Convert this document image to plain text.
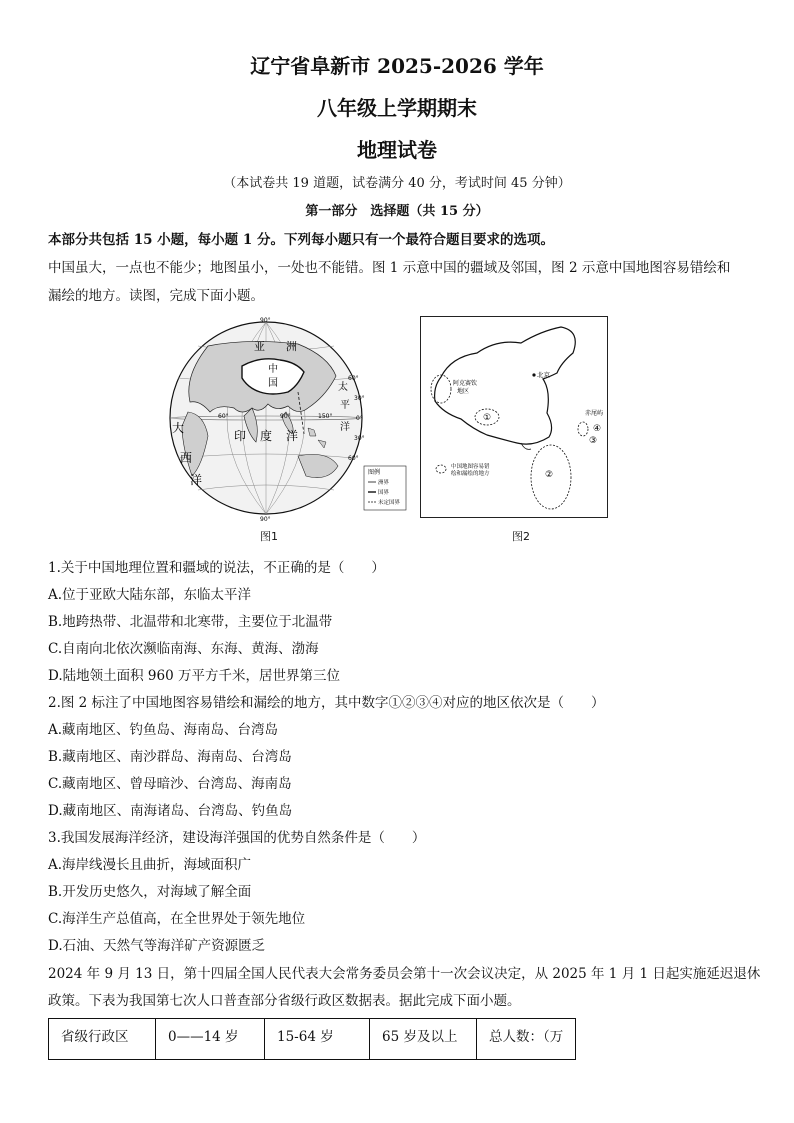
辽宁省阜新市 2025-2026 学年
八年级上学期期末
地理试卷
（本试卷共 19 道题，试卷满分 40 分，考试时间 45 分钟）
第一部分　选择题（共 15 分）
本部分共包括 15 小题，每小题 1 分。下列每小题只有一个最符合题目要求的选项。
中国虽大，一点也不能少；地图虽小，一处也不能错。图 1 示意中国的疆域及邻国，图 2 示意中国地图容易错绘和
漏绘的地方。读图，完成下面小题。
90°
90°
60°
30°
0°
30°
60°
60°	90°	150°
亚 洲
中
国
平
太
洋
印 度 洋
大
西
洋
图例
洲界
国界
未定国界
图1
北京
阿克赛钦
地区
①
②
③
④
赤尾屿
中国地图容易错
绘和漏绘的地方
图2
1.关于中国地理位置和疆域的说法，不正确的是（　　）
A.位于亚欧大陆东部，东临太平洋
B.地跨热带、北温带和北寒带，主要位于北温带
C.自南向北依次濒临南海、东海、黄海、渤海
D.陆地领土面积 960 万平方千米，居世界第三位
2.图 2 标注了中国地图容易错绘和漏绘的地方，其中数字①②③④对应的地区依次是（　　）
A.藏南地区、钓鱼岛、海南岛、台湾岛
B.藏南地区、南沙群岛、海南岛、台湾岛
C.藏南地区、曾母暗沙、台湾岛、海南岛
D.藏南地区、南海诸岛、台湾岛、钓鱼岛
3.我国发展海洋经济，建设海洋强国的优势自然条件是（　　）
A.海岸线漫长且曲折，海域面积广
B.开发历史悠久，对海域了解全面
C.海洋生产总值高，在全世界处于领先地位
D.石油、天然气等海洋矿产资源匮乏
2024 年 9 月 13 日，第十四届全国人民代表大会常务委员会第十一次会议决定，从 2025 年 1 月 1 日起实施延迟退休
政策。下表为我国第七次人口普查部分省级行政区数据表。据此完成下面小题。
省级行政区	0——14 岁	15-64 岁	65 岁及以上	总人数：（万
